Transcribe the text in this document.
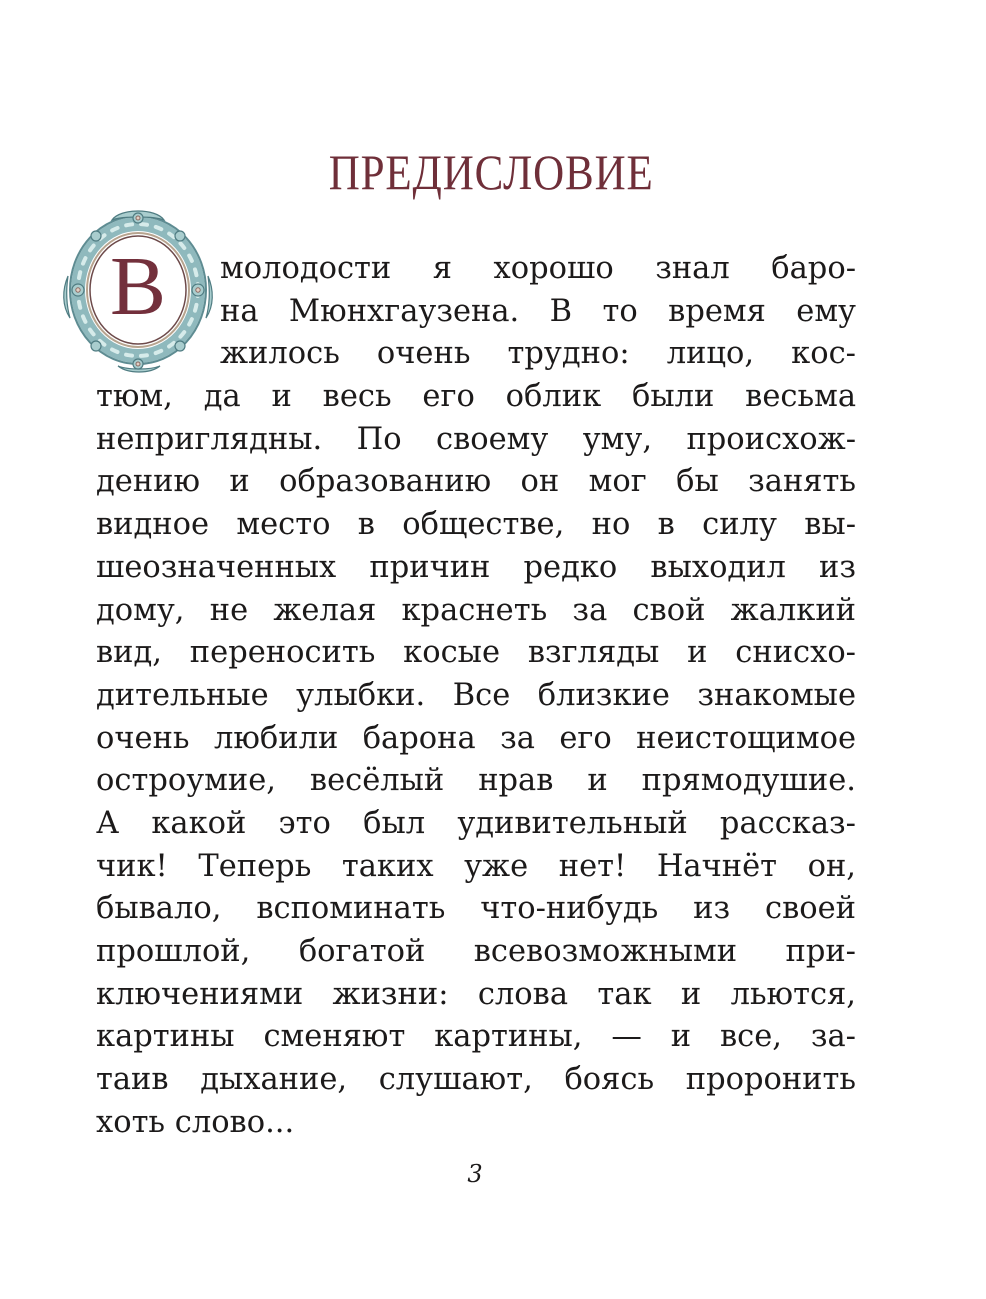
ПРЕДИСЛОВИЕ
В	молодости я хорошо знал баро-
на Мюнхгаузена. В то время ему
жилось очень трудно: лицо, кос-
тюм, да и весь его облик были весьма
неприглядны. По своему уму, происхож-
дению и образованию он мог бы занять
видное место в обществе, но в силу вы-
шеозначенных причин редко выходил из
дому, не желая краснеть за свой жалкий
вид, переносить косые взгляды и снисхо-
дительные улыбки. Все близкие знакомые
очень любили барона за его неистощимое
остроумие, весёлый нрав и прямодушие.
А какой это был удивительный рассказ-
чик! Теперь таких уже нет! Начнёт он,
бывало, вспоминать что-нибудь из своей
прошлой, богатой всевозможными при-
ключениями жизни: слова так и льются,
картины сменяют картины, — и все, за-
таив дыхание, слушают, боясь проронить
хоть слово...
3
